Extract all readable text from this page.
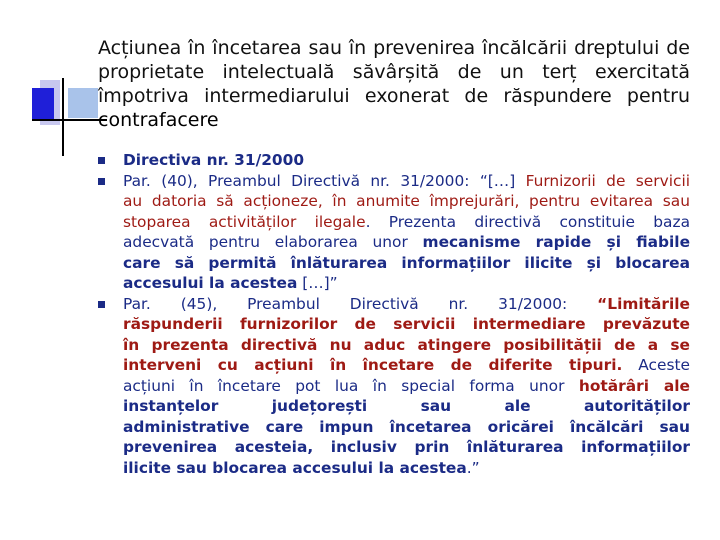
Acțiunea în încetarea sau în prevenirea încălcării dreptului de
proprietate intelectuală săvârșită de un terț exercitată
împotriva intermediarului exonerat de răspundere pentru
contrafacere
Directiva nr. 31/2000
Par. (40), Preambul Directivă nr. 31/2000: “[…] Furnizorii de servicii
au datoria să acționeze, în anumite împrejurări, pentru evitarea sau
stoparea activităților ilegale. Prezenta directivă constituie baza
adecvată pentru elaborarea unor mecanisme rapide și fiabile
care să permită înlăturarea informațiilor ilicite și blocarea
accesului la acestea […]”
Par. (45), Preambul Directivă nr. 31/2000: “Limitările
răspunderii furnizorilor de servicii intermediare prevăzute
în prezenta directivă nu aduc atingere posibilității de a se
interveni cu acțiuni în încetare de diferite tipuri. Aceste
acțiuni în încetare pot lua în special forma unor hotărâri ale
instanțelor județorești sau ale autorităților
administrative care impun încetarea oricărei încălcări sau
prevenirea acesteia, inclusiv prin înlăturarea informațiilor
ilicite sau blocarea accesului la acestea.”
